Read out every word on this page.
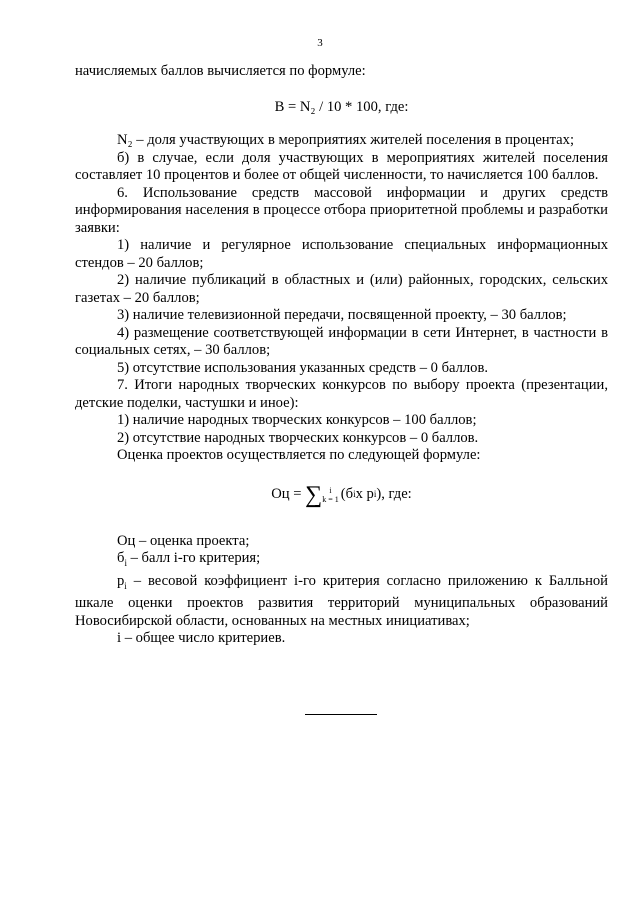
3

начисляемых баллов вычисляется по формуле:

B = N₂ / 10 * 100, где:

N₂ – доля участвующих в мероприятиях жителей поселения в процентах;

б) в случае, если доля участвующих в мероприятиях жителей поселения составляет 10 процентов и более от общей численности, то начисляется 100 баллов.

6. Использование средств массовой информации и других средств информирования населения в процессе отбора приоритетной проблемы и разработки заявки:

1) наличие и регулярное использование специальных информационных стендов – 20 баллов;

2) наличие публикаций в областных и (или) районных, городских, сельских газетах – 20 баллов;

3) наличие телевизионной передачи, посвященной проекту, – 30 баллов;

4) размещение соответствующей информации в сети Интернет, в частности в социальных сетях, – 30 баллов;

5) отсутствие использования указанных средств – 0 баллов.

7. Итоги народных творческих конкурсов по выбору проекта (презентации, детские поделки, частушки и иное):

1) наличие народных творческих конкурсов – 100 баллов;

2) отсутствие народных творческих конкурсов – 0 баллов.

Оценка проектов осуществляется по следующей формуле:

Оц =
∑ i
k = 1 (б i x р i ) , где:

Оц – оценка проекта;

$б_i$ – балл i-го критерия;

$р_i$ – весовой коэффициент i-го критерия согласно приложению к Балльной шкале оценки проектов развития территорий муниципальных образований Новосибирской области, основанных на местных инициативах;

i – общее число критериев.
